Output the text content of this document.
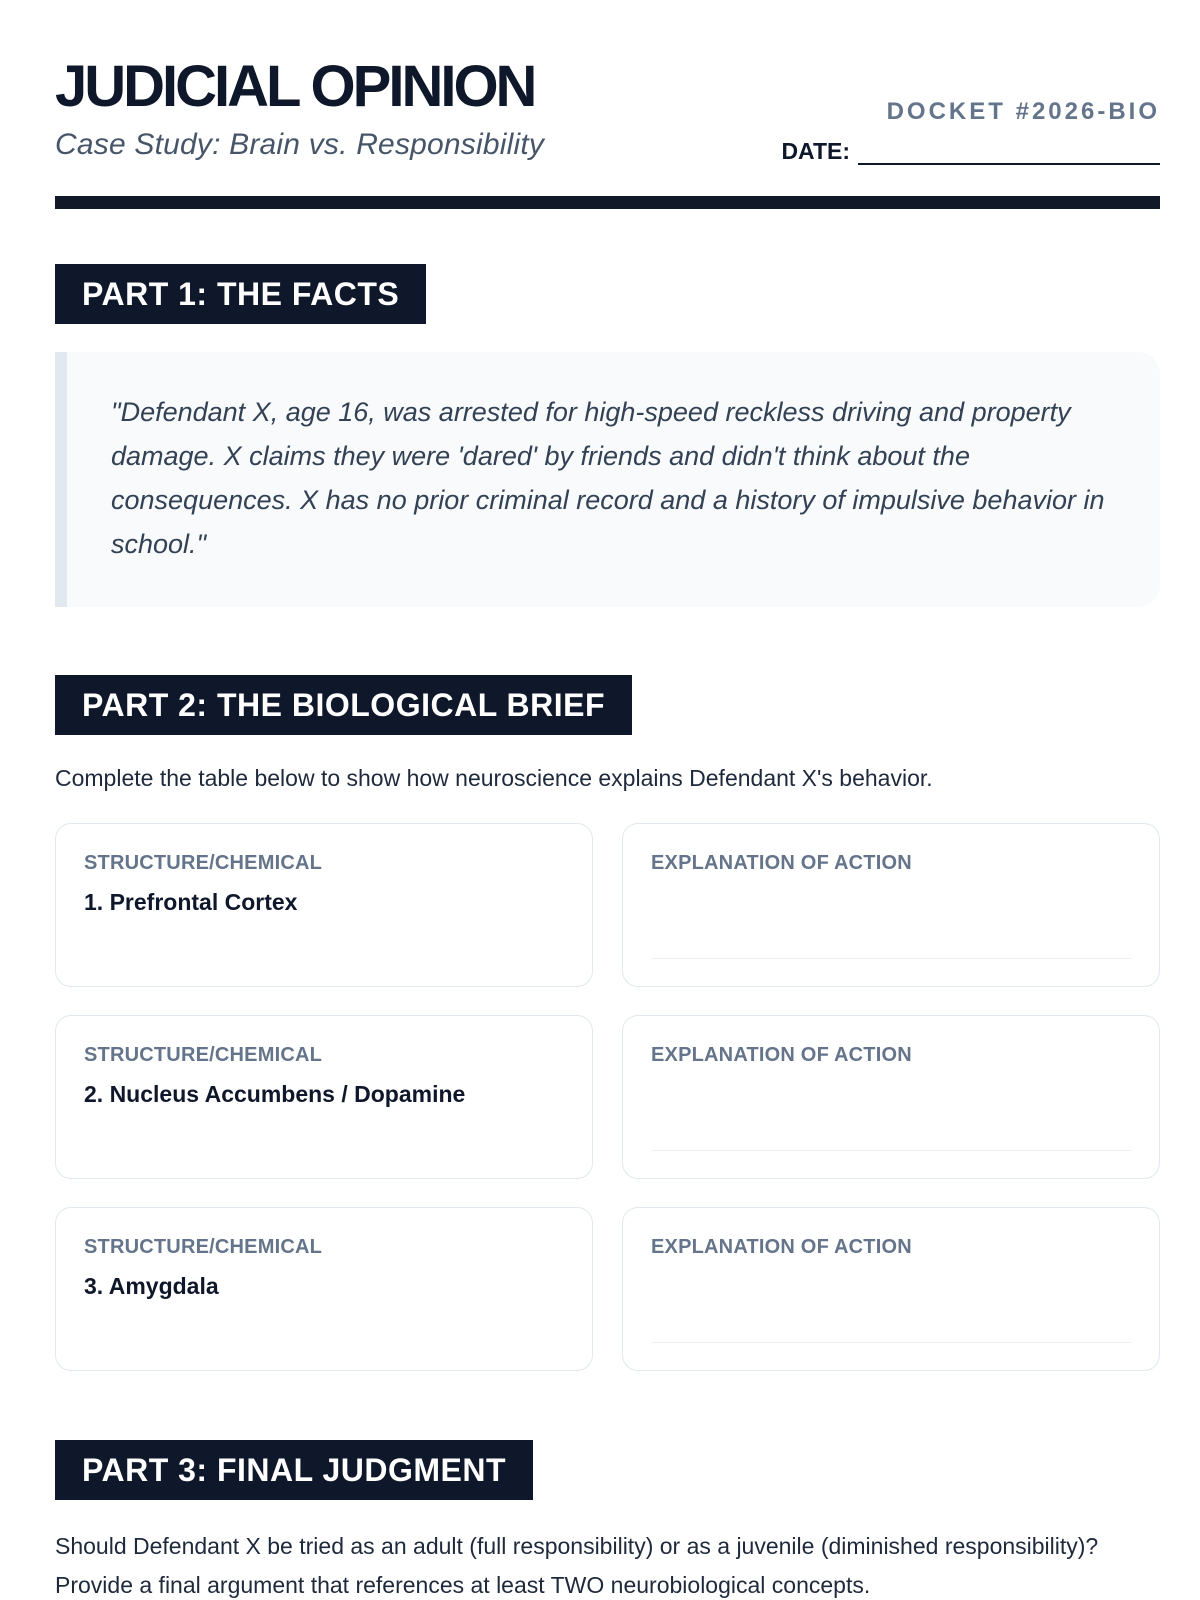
JUDICIAL OPINION
Case Study: Brain vs. Responsibility
DOCKET #2026-BIO
DATE:
PART 1: THE FACTS

"Defendant X, age 16, was arrested for high-speed reckless driving and property damage. X claims they were 'dared' by friends and didn't think about the consequences. X has no prior criminal record and a history of impulsive behavior in school."

PART 2: THE BIOLOGICAL BRIEF
Complete the table below to show how neuroscience explains Defendant X's behavior.
STRUCTURE/CHEMICAL
1. Prefrontal Cortex
EXPLANATION OF ACTION
STRUCTURE/CHEMICAL
2. Nucleus Accumbens / Dopamine
EXPLANATION OF ACTION
STRUCTURE/CHEMICAL
3. Amygdala
EXPLANATION OF ACTION
PART 3: FINAL JUDGMENT
Should Defendant X be tried as an adult (full responsibility) or as a juvenile (diminished responsibility)? Provide a final argument that references at least TWO neurobiological concepts.
